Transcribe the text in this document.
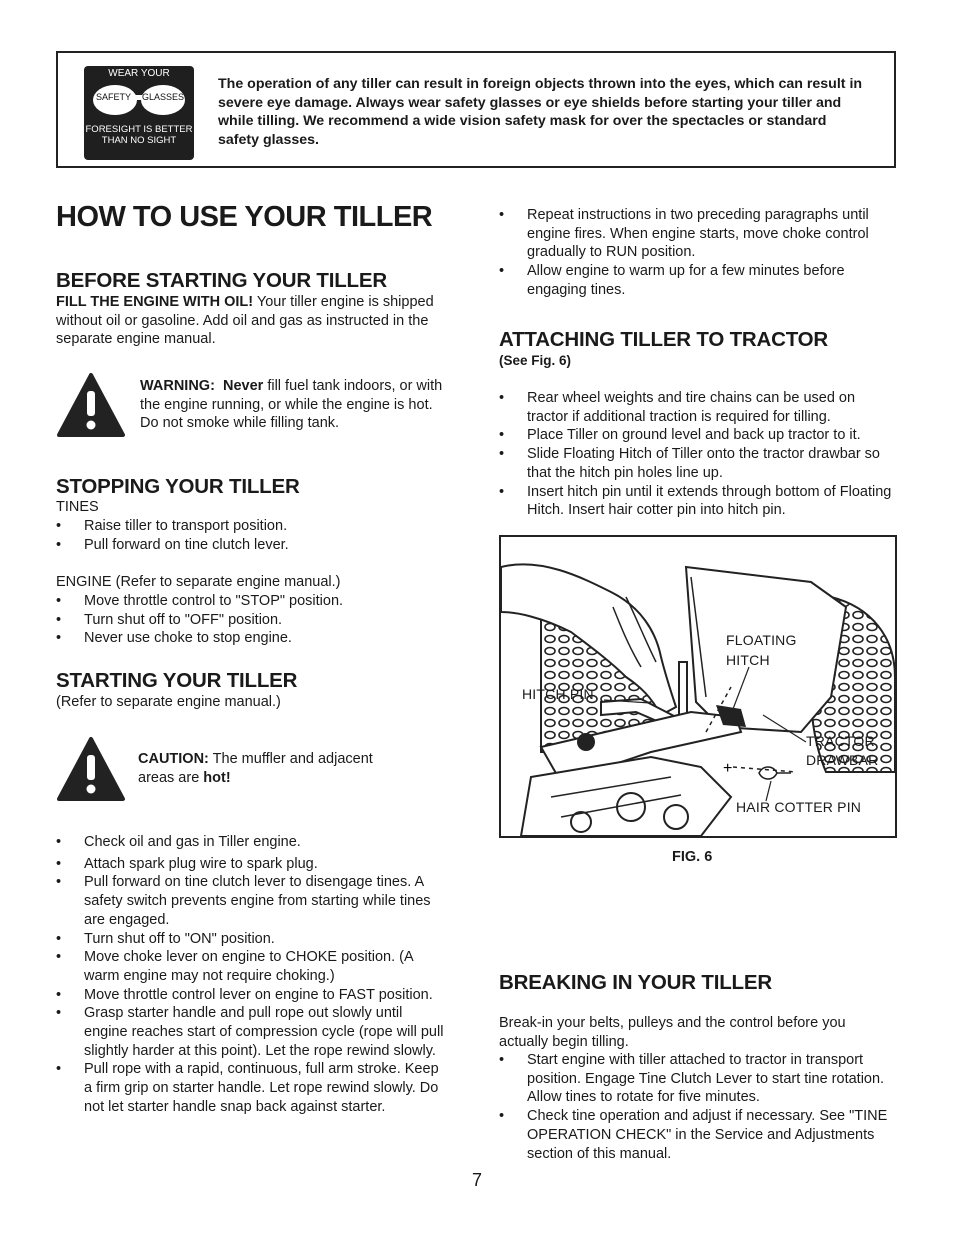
WEAR YOUR
SAFETY GLASSES
FORESIGHT IS BETTER
THAN NO SIGHT
The operation of any tiller can result in foreign objects thrown into the eyes, which can result in severe eye damage. Always wear safety glasses or eye shields before starting your tiller and while tilling. We recommend a wide vision safety mask for over the spectacles or standard safety glasses.
HOW TO USE YOUR TILLER
BEFORE STARTING YOUR TILLER
FILL THE ENGINE WITH OIL! Your tiller engine is shipped without oil or gasoline. Add oil and gas as instructed in the separate engine manual.
WARNING: Never fill fuel tank indoors, or with the engine running, or while the engine is hot. Do not smoke while filling tank.
STOPPING YOUR TILLER
TINES
• Raise tiller to transport position.
• Pull forward on tine clutch lever.
ENGINE (Refer to separate engine manual.)
• Move throttle control to "STOP" position.
• Turn shut off to "OFF" position.
• Never use choke to stop engine.
STARTING YOUR TILLER
(Refer to separate engine manual.)
CAUTION: The muffler and adjacent areas are hot!
• Check oil and gas in Tiller engine.
• Attach spark plug wire to spark plug.
• Pull forward on tine clutch lever to disengage tines. A safety switch prevents engine from starting while tines are engaged.
• Turn shut off to "ON" position.
• Move choke lever on engine to CHOKE position. (A warm engine may not require choking.)
• Move throttle control lever on engine to FAST position.
• Grasp starter handle and pull rope out slowly until engine reaches start of compression cycle (rope will pull slightly harder at this point). Let the rope rewind slowly.
• Pull rope with a rapid, continuous, full arm stroke. Keep a firm grip on starter handle. Let rope rewind slowly. Do not let starter handle snap back against starter.
• Repeat instructions in two preceding paragraphs until engine fires. When engine starts, move choke control gradually to RUN position.
• Allow engine to warm up for a few minutes before engaging tines.
ATTACHING TILLER TO TRACTOR
(See Fig. 6)
• Rear wheel weights and tire chains can be used on tractor if additional traction is required for tilling.
• Place Tiller on ground level and back up tractor to it.
• Slide Floating Hitch of Tiller onto the tractor drawbar so that the hitch pin holes line up.
• Insert hitch pin until it extends through bottom of Floating Hitch. Insert hair cotter pin into hitch pin.
+
FLOATING
HITCH
HITCH PIN
TRACTOR
DRAWBAR
HAIR COTTER PIN
FIG. 6
BREAKING IN YOUR TILLER
Break-in your belts, pulleys and the control before you actually begin tilling.
• Start engine with tiller attached to tractor in transport position. Engage Tine Clutch Lever to start tine rotation. Allow tines to rotate for five minutes.
• Check tine operation and adjust if necessary. See "TINE OPERATION CHECK" in the Service and Adjustments section of this manual.
7
